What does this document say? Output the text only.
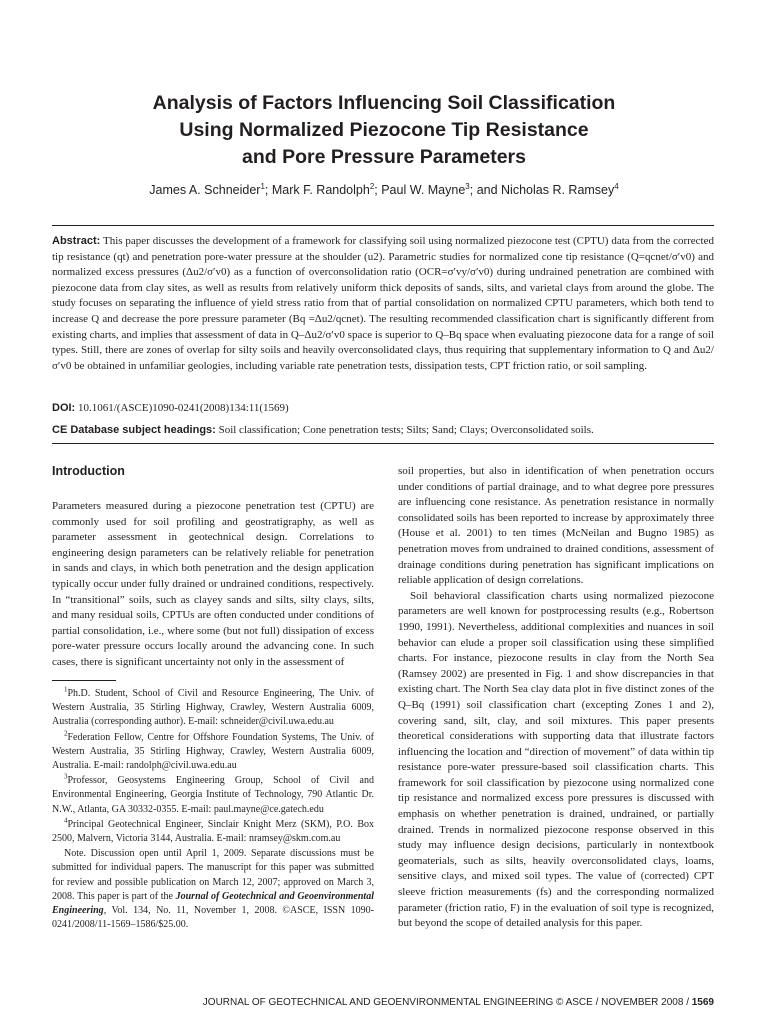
Analysis of Factors Influencing Soil Classification
Using Normalized Piezocone Tip Resistance
and Pore Pressure Parameters

James A. Schneider$^1$; Mark F. Randolph$^2$; Paul W. Mayne$^3$; and Nicholas R. Ramsey$^4$

Abstract: This paper discusses the development of a framework for classifying soil using normalized piezocone test (CPTU) data from the corrected tip resistance (qt) and penetration pore-water pressure at the shoulder (u2). Parametric studies for normalized cone tip resistance (Q=qcnet/σ′v0) and normalized excess pressures (Δu2/σ′v0) as a function of overconsolidation ratio (OCR=σ′vy/σ′v0) during undrained penetration are combined with piezocone data from clay sites, as well as results from relatively uniform thick deposits of sands, silts, and varietal clays from around the globe. The study focuses on separating the influence of yield stress ratio from that of partial consolidation on normalized CPTU parameters, which both tend to increase Q and decrease the pore pressure parameter (Bq =Δu2/qcnet). The resulting recommended classification chart is significantly different from existing charts, and implies that assessment of data in Q–Δu2/σ′v0 space is superior to Q–Bq space when evaluating piezocone data for a range of soil types. Still, there are zones of overlap for silty soils and heavily overconsolidated clays, thus requiring that supplementary information to Q and Δu2/σ′v0 be obtained in unfamiliar geologies, including variable rate penetration tests, dissipation tests, CPT friction ratio, or soil sampling.

DOI: 10.1061/(ASCE)1090-0241(2008)134:11(1569)

CE Database subject headings: Soil classification; Cone penetration tests; Silts; Sand; Clays; Overconsolidated soils.

Introduction

Parameters measured during a piezocone penetration test (CPTU) are commonly used for soil profiling and geostratigraphy, as well as parameter assessment in geotechnical design. Correlations to engineering design parameters can be relatively reliable for penetration in sands and clays, in which both penetration and the design application typically occur under fully drained or undrained conditions, respectively. In “transitional” soils, such as clayey sands and silts, silty clays, silts, and many residual soils, CPTUs are often conducted under conditions of partial consolidation, i.e., where some (but not full) dissipation of excess pore-water pressure occurs locally around the advancing cone. In such cases, there is significant uncertainty not only in the assessment of

$^1$Ph.D. Student, School of Civil and Resource Engineering, The Univ. of Western Australia, 35 Stirling Highway, Crawley, Western Australia 6009, Australia (corresponding author). E-mail: schneider@civil.uwa.edu.au

$^2$Federation Fellow, Centre for Offshore Foundation Systems, The Univ. of Western Australia, 35 Stirling Highway, Crawley, Western Australia 6009, Australia. E-mail: randolph@civil.uwa.edu.au

$^3$Professor, Geosystems Engineering Group, School of Civil and Environmental Engineering, Georgia Institute of Technology, 790 Atlantic Dr. N.W., Atlanta, GA 30332-0355. E-mail: paul.mayne@ce.gatech.edu

$^4$Principal Geotechnical Engineer, Sinclair Knight Merz (SKM), P.O. Box 2500, Malvern, Victoria 3144, Australia. E-mail: nramsey@skm.com.au

Note. Discussion open until April 1, 2009. Separate discussions must be submitted for individual papers. The manuscript for this paper was submitted for review and possible publication on March 12, 2007; approved on March 3, 2008. This paper is part of the Journal of Geotechnical and Geoenvironmental Engineering, Vol. 134, No. 11, November 1, 2008. ©ASCE, ISSN 1090-0241/2008/11-1569–1586/$25.00.

soil properties, but also in identification of when penetration occurs under conditions of partial drainage, and to what degree pore pressures are influencing cone resistance. As penetration resistance in normally consolidated soils has been reported to increase by approximately three (House et al. 2001) to ten times (McNeilan and Bugno 1985) as penetration moves from undrained to drained conditions, assessment of drainage conditions during penetration has significant implications on reliable application of design correlations.

Soil behavioral classification charts using normalized piezocone parameters are well known for postprocessing results (e.g., Robertson 1990, 1991). Nevertheless, additional complexities and nuances in soil behavior can elude a proper soil classification using these simplified charts. For instance, piezocone results in clay from the North Sea (Ramsey 2002) are presented in Fig. 1 and show discrepancies in that existing chart. The North Sea clay data plot in five distinct zones of the Q–Bq (1991) soil classification chart (excepting Zones 1 and 2), covering sand, silt, clay, and soil mixtures. This paper presents theoretical considerations with supporting data that illustrate factors influencing the location and “direction of movement” of data within tip resistance pore-water pressure-based soil classification charts. This framework for soil classification by piezocone using normalized cone tip resistance and normalized excess pore pressures is discussed with emphasis on whether penetration is drained, undrained, or partially drained. Trends in normalized piezocone response observed in this study may influence design decisions, particularly in nontextbook geomaterials, such as silts, heavily overconsolidated clays, loams, sensitive clays, and mixed soil types. The value of (corrected) CPT sleeve friction measurements (fs) and the corresponding normalized parameter (friction ratio, F) in the evaluation of soil type is recognized, but beyond the scope of detailed analysis for this paper.

JOURNAL OF GEOTECHNICAL AND GEOENVIRONMENTAL ENGINEERING © ASCE / NOVEMBER 2008 / 1569
